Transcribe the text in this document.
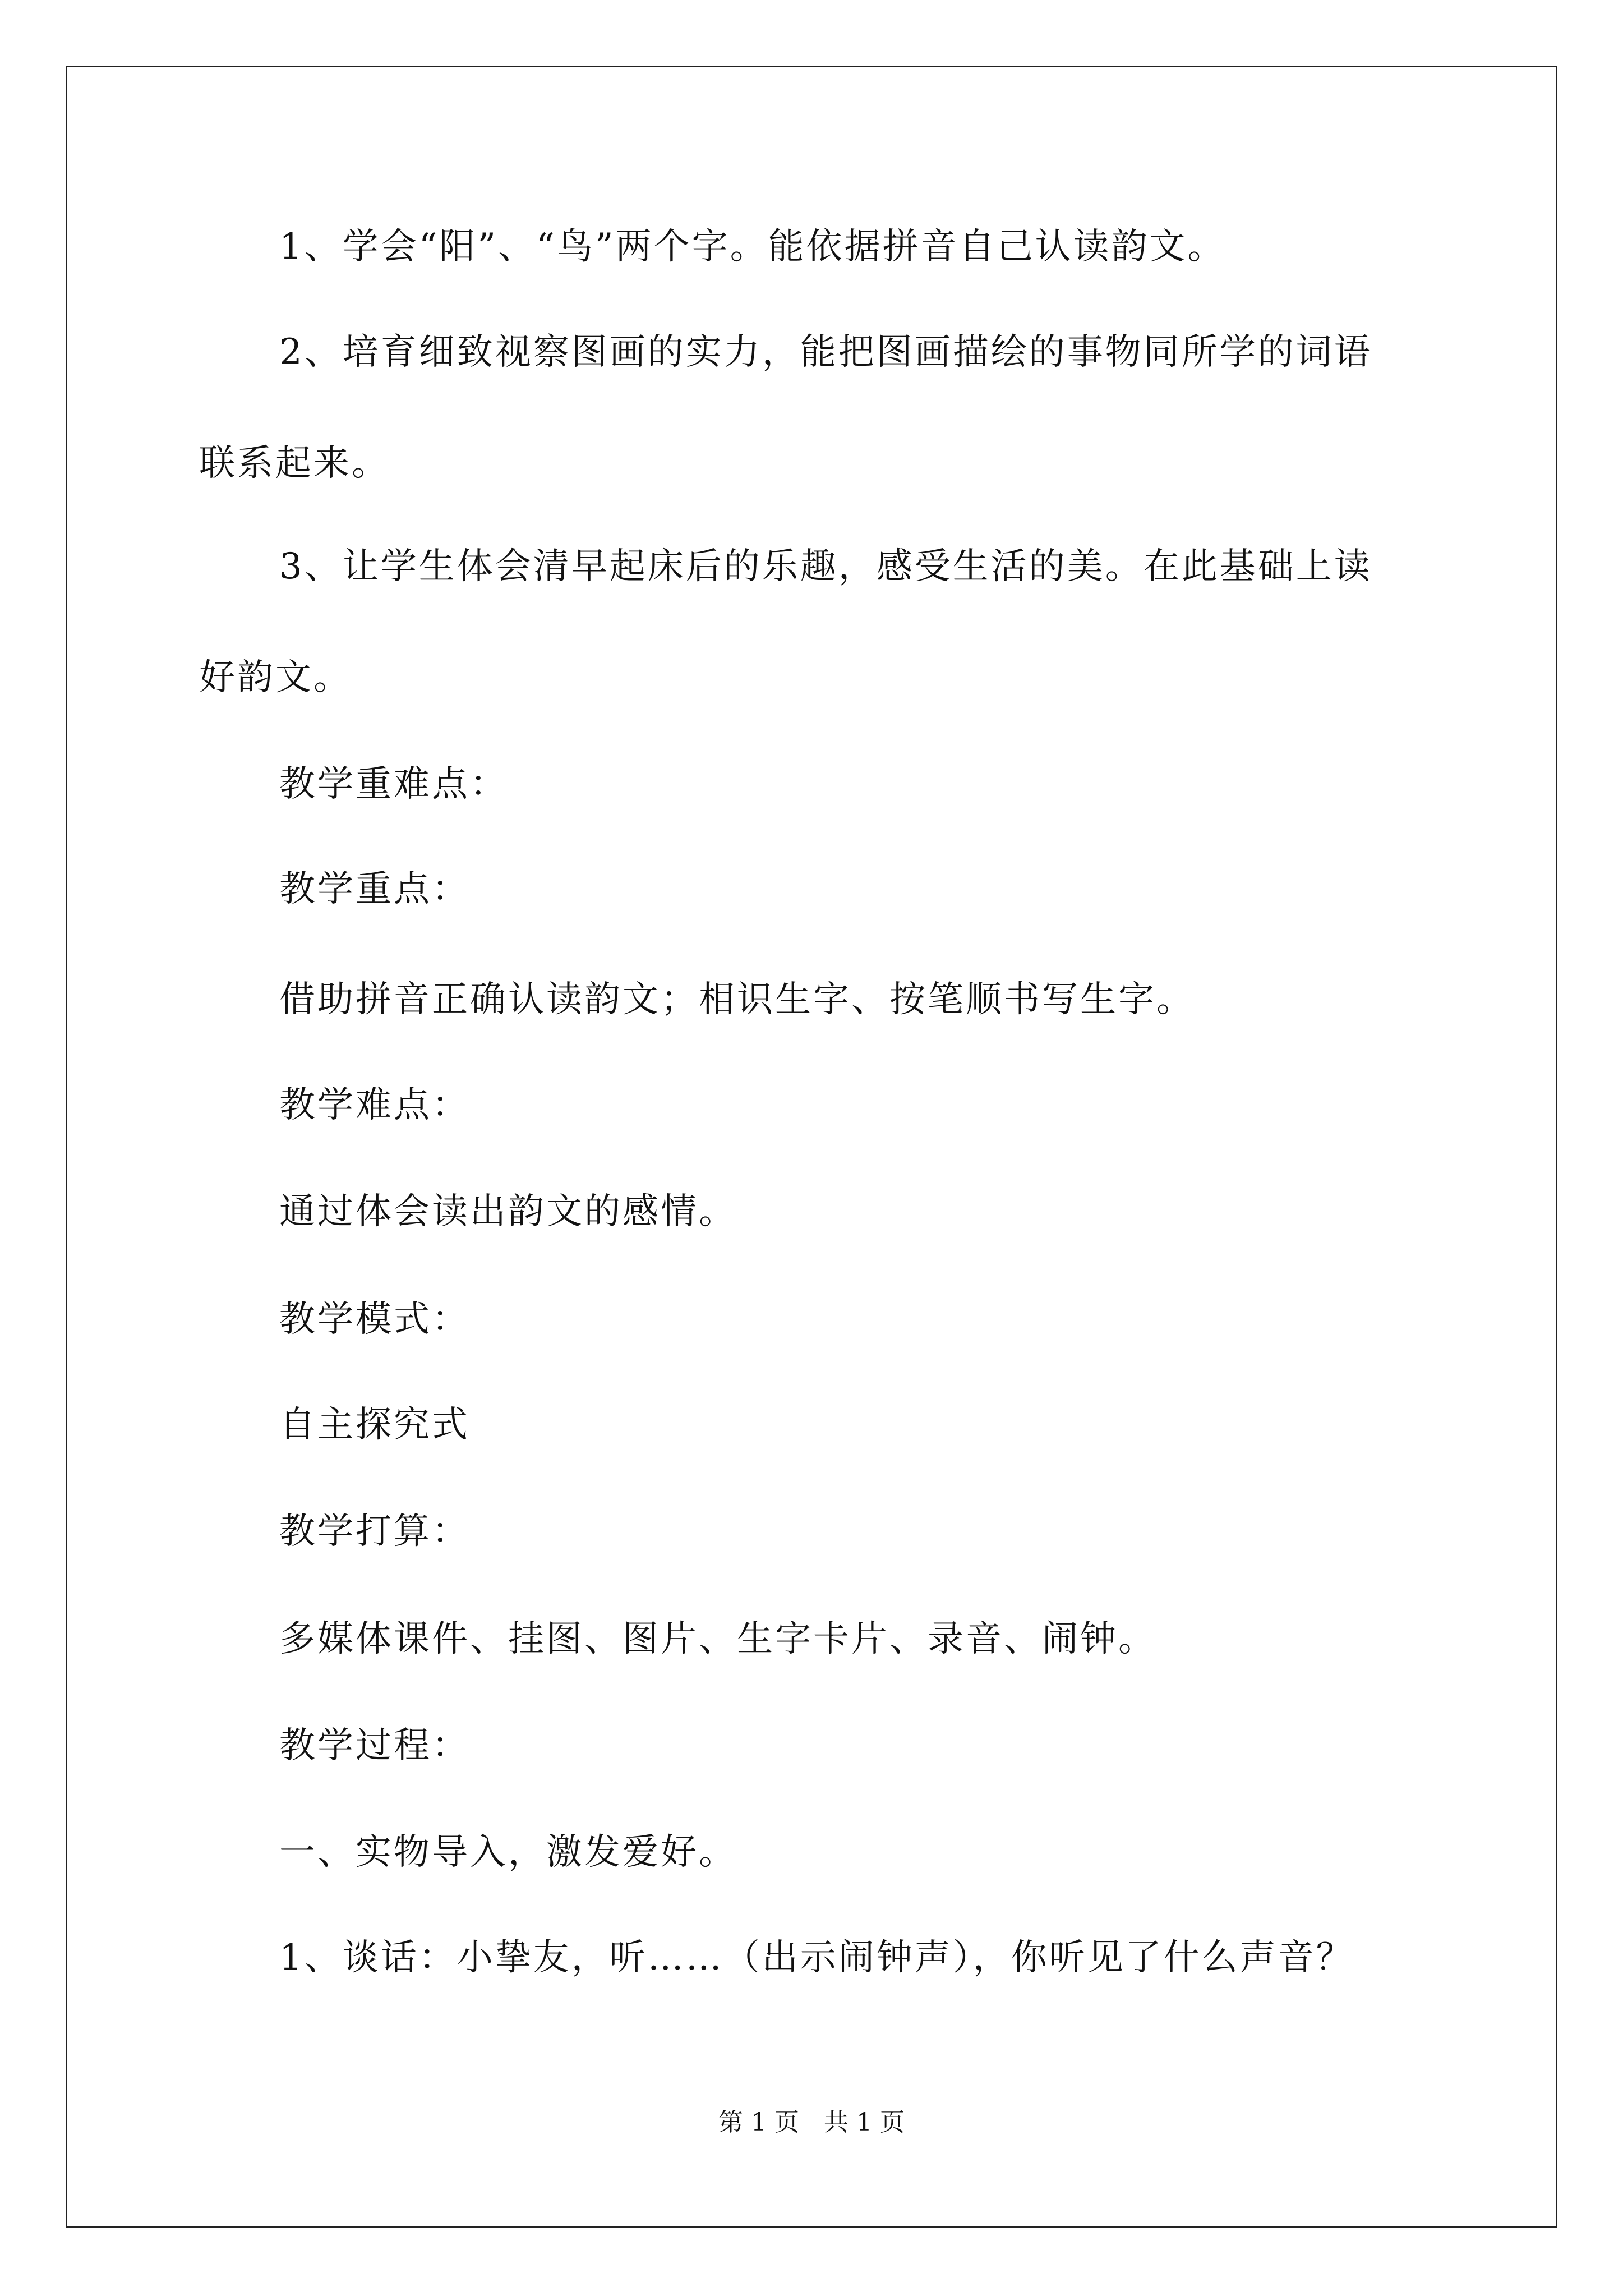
1、学会“阳”、“鸟”两个字。能依据拼音自己认读韵文。
2、培育细致视察图画的实力，能把图画描绘的事物同所学的词语
联系起来。
3、让学生体会清早起床后的乐趣，感受生活的美。在此基础上读
好韵文。
教学重难点：
教学重点：
借助拼音正确认读韵文；相识生字、按笔顺书写生字。
教学难点：
通过体会读出韵文的感情。
教学模式：
自主探究式
教学打算：
多媒体课件、挂图、图片、生字卡片、录音、闹钟。
教学过程：
一、实物导入，激发爱好。
1、谈话：小挚友，听……（出示闹钟声），你听见了什么声音？
第 1 页　共 1 页
